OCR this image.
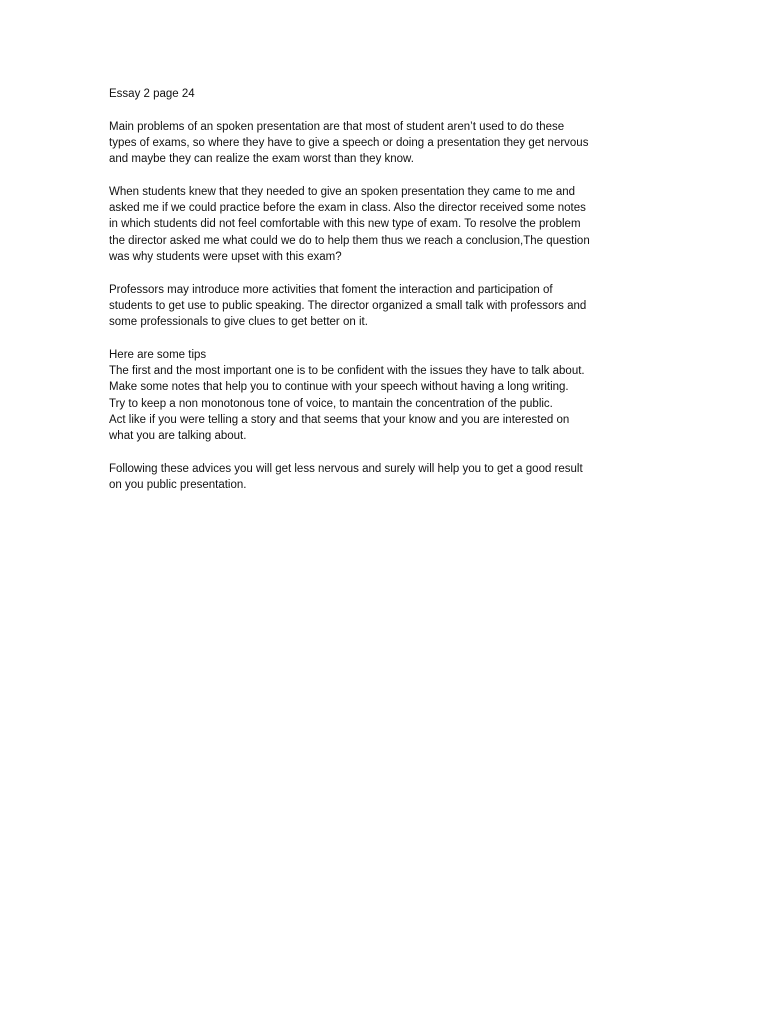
Essay 2 page 24
Main problems of an spoken presentation are that most of student aren’t used to do these
types of exams, so where they have to give a speech or doing a presentation they get nervous
and maybe they can realize the exam worst than they know.
When students knew that they needed to give an spoken presentation they came to me and
asked me if we could practice before the exam in class. Also the director received some notes
in which students did not feel comfortable with this new type of exam. To resolve the problem
the director asked me what could we do to help them thus we reach a conclusion,The question
was why students were upset with this exam?
Professors may introduce more activities that foment the interaction and participation of
students to get use to public speaking. The director organized a small talk with professors and
some professionals to give clues to get better on it.
Here are some tips
The first and the most important one is to be confident with the issues they have to talk about.
Make some notes that help you to continue with your speech without having a long writing.
Try to keep a non monotonous tone of voice, to mantain the concentration of the public.
Act like if you were telling a story and that seems that your know and you are interested on
what you are talking about.
Following these advices you will get less nervous and surely will help you to get a good result
on you public presentation.
